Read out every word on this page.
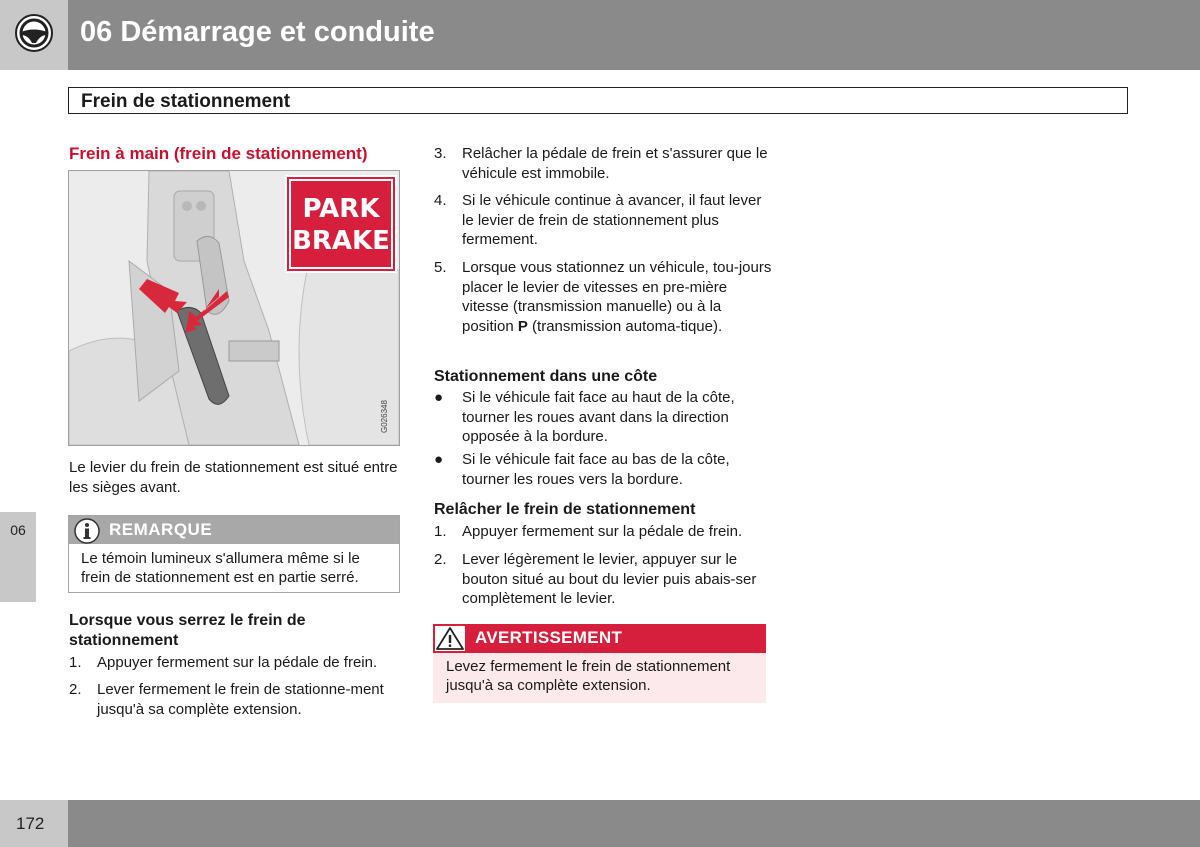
06 Démarrage et conduite
Frein de stationnement
06
Frein à main (frein de stationnement)
PARK
BRAKE
G026348
Le levier du frein de stationnement est situé entre les sièges avant.
REMARQUE
Le témoin lumineux s'allumera même si le frein de stationnement est en partie serré.
Lorsque vous serrez le frein de stationnement
1. Appuyer fermement sur la pédale de frein.
2. Lever fermement le frein de stationne-ment jusqu'à sa complète extension.
3. Relâcher la pédale de frein et s'assurer que le véhicule est immobile.
4. Si le véhicule continue à avancer, il faut lever le levier de frein de stationnement plus fermement.
5. Lorsque vous stationnez un véhicule, tou-jours placer le levier de vitesses en pre-mière vitesse (transmission manuelle) ou à la position P (transmission automa-tique).
Stationnement dans une côte
● Si le véhicule fait face au haut de la côte, tourner les roues avant dans la direction opposée à la bordure.
● Si le véhicule fait face au bas de la côte, tourner les roues vers la bordure.
Relâcher le frein de stationnement
1. Appuyer fermement sur la pédale de frein.
2. Lever légèrement le levier, appuyer sur le bouton situé au bout du levier puis abais-ser complètement le levier.
AVERTISSEMENT
Levez fermement le frein de stationnement jusqu'à sa complète extension.
172
